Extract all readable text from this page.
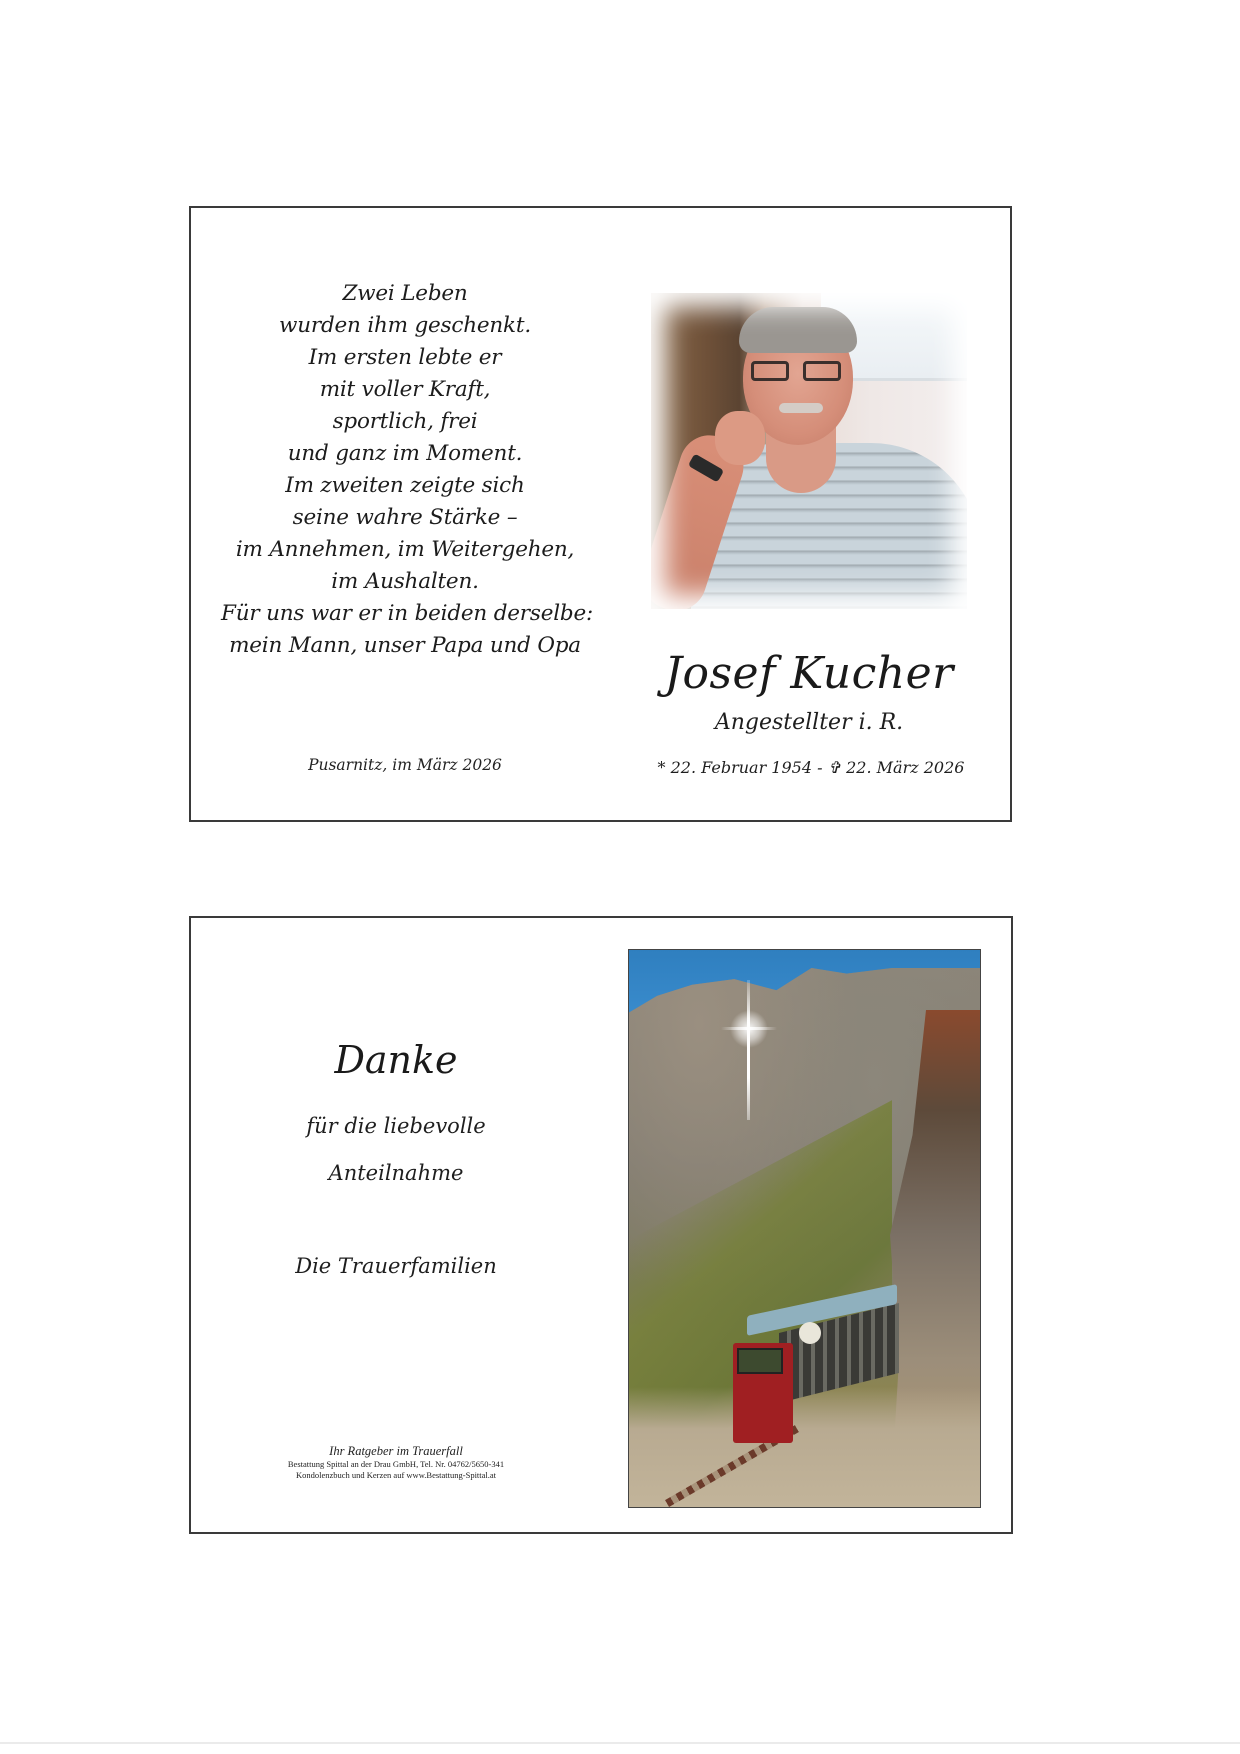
Zwei Leben
wurden ihm geschenkt.
Im ersten lebte er
mit voller Kraft,
sportlich, frei
und ganz im Moment.
Im zweiten zeigte sich
seine wahre Stärke –
im Annehmen, im Weitergehen,
im Aushalten.
Für uns war er in beiden derselbe:
mein Mann, unser Papa und Opa
Pusarnitz, im März 2026
Josef Kucher
Angestellter i. R.
* 22. Februar 1954 - ✞ 22. März 2026
Danke
für die liebevolle
Anteilnahme
Die Trauerfamilien
Ihr Ratgeber im Trauerfall
Bestattung Spittal an der Drau GmbH, Tel. Nr. 04762/5650-341
Kondolenzbuch und Kerzen auf www.Bestattung-Spittal.at
